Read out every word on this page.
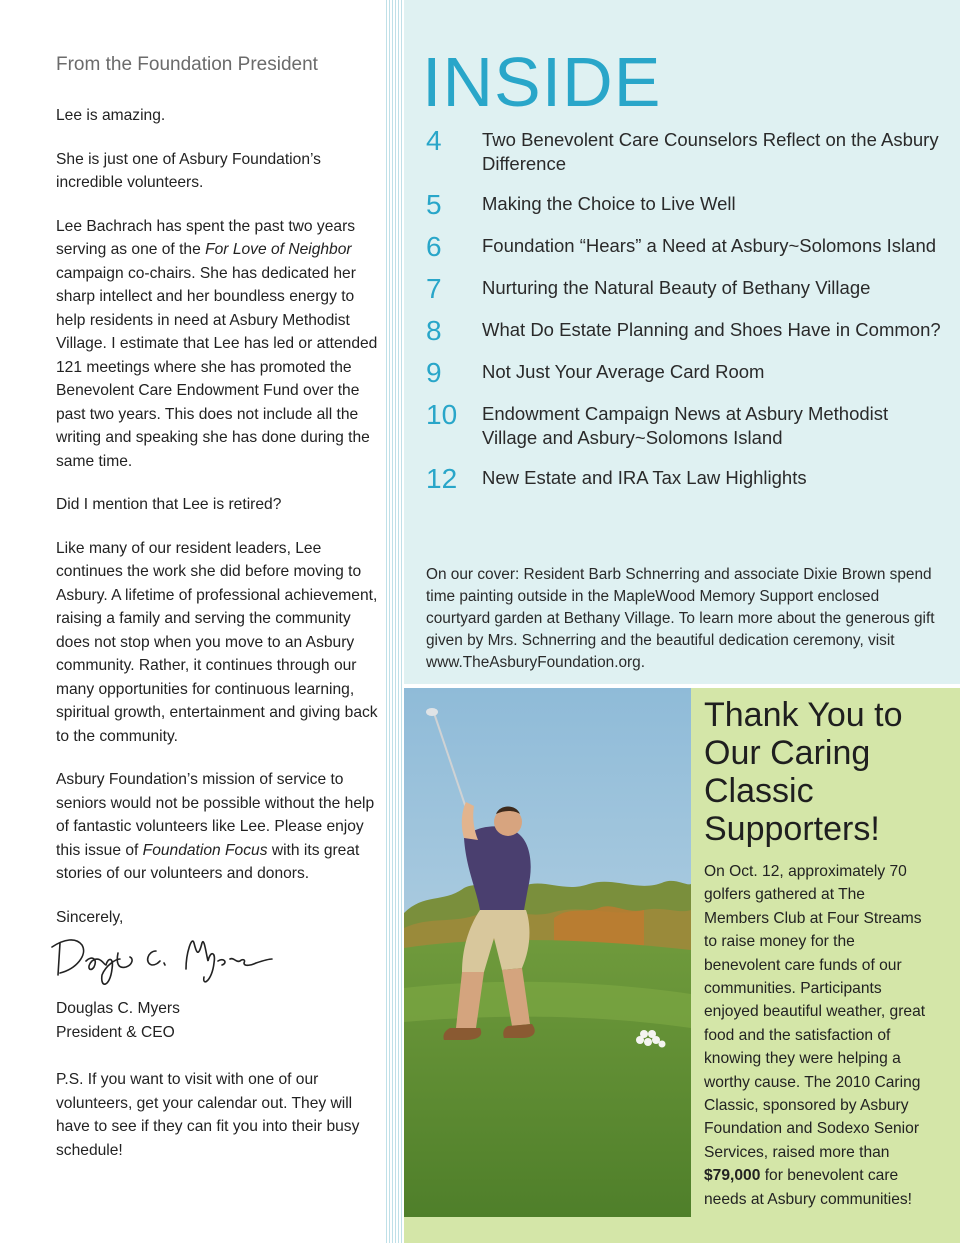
From the Foundation President

Lee is amazing.

She is just one of Asbury Foundation’s incredible volunteers.

Lee Bachrach has spent the past two years serving as one of the For Love of Neighbor campaign co-chairs. She has dedicated her sharp intellect and her boundless energy to help residents in need at Asbury Methodist Village. I estimate that Lee has led or attended 121 meetings where she has promoted the Benevolent Care Endowment Fund over the past two years. This does not include all the writing and speaking she has done during the same time.

Did I mention that Lee is retired?

Like many of our resident leaders, Lee continues the work she did before moving to Asbury. A lifetime of professional achievement, raising a family and serving the community does not stop when you move to an Asbury community. Rather, it continues through our many opportunities for continuous learning, spiritual growth, entertainment and giving back to the community.

Asbury Foundation’s mission of service to seniors would not be possible without the help of fantastic volunteers like Lee. Please enjoy this issue of Foundation Focus with its great stories of our volunteers and donors.

Sincerely,

Douglas C. Myers

President & CEO

P.S. If you want to visit with one of our volunteers, get your calendar out. They will have to see if they can fit you into their busy schedule!

INSIDE
4	Two Benevolent Care Counselors Reflect on the Asbury Difference
5	Making the Choice to Live Well
6	Foundation “Hears” a Need at Asbury~Solomons Island
7	Nurturing the Natural Beauty of Bethany Village
8	What Do Estate Planning and Shoes Have in Common?
9	Not Just Your Average Card Room
10	Endowment Campaign News at Asbury Methodist Village and Asbury~Solomons Island
12	New Estate and IRA Tax Law Highlights

On our cover: Resident Barb Schnerring and associate Dixie Brown spend time painting outside in the MapleWood Memory Support enclosed courtyard garden at Bethany Village. To learn more about the generous gift given by Mrs. Schnerring and the beautiful dedication ceremony, visit www.TheAsburyFoundation.org.

Thank You to Our Caring Classic Supporters!

On Oct. 12, approximately 70 golfers gathered at The Members Club at Four Streams to raise money for the benevolent care funds of our communities. Participants enjoyed beautiful weather, great food and the satisfaction of knowing they were helping a worthy cause. The 2010 Caring Classic, sponsored by Asbury Foundation and Sodexo Senior Services, raised more than $79,000 for benevolent care needs at Asbury communities!
